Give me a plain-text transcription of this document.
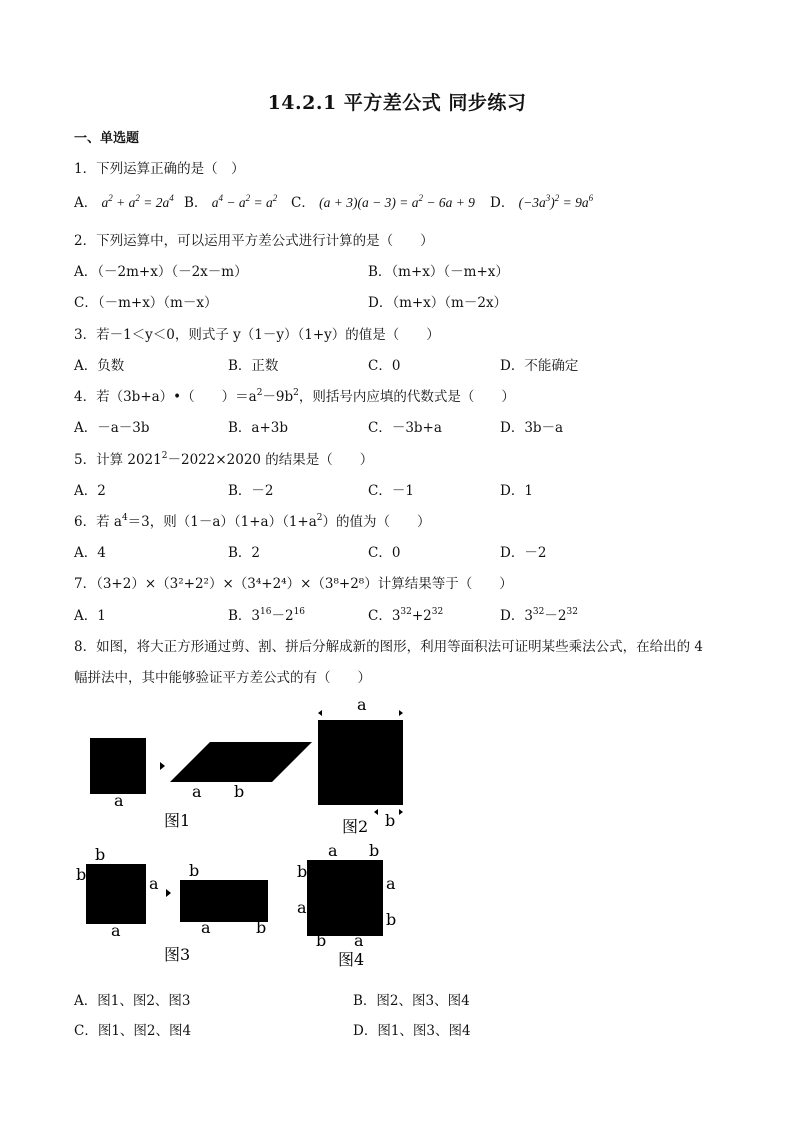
14.2.1 平方差公式 同步练习
一、单选题
1．下列运算正确的是（　）
A． $a^2 + a^2 = 2a^4$ B． $a^4 - a^2 = a^2$ C． $(a + 3)(a - 3) = a^2 - 6a + 9$ D． $(-3a^3)^2 = 9a^6$
2．下列运算中，可以运用平方差公式进行计算的是（　　）
A．（－2m+x）（－2x－m）	B．（m+x）（－m+x）
C．（－m+x）（m－x）	D．（m+x）（m－2x）
3．若－1＜y＜0，则式子 y（1－y）（1+y）的值是（　　）
A．负数	B．正数	C．0	D．不能确定
4．若（3b+a）•（　　）$=a^2-9b^2$，则括号内应填的代数式是（　　）
A．－a－3b	B．a+3b	C．－3b+a	D．3b－a
5．计算 $2021^2-2022\times 2020$ 的结果是（　　）
A．2	B．－2	C．－1	D．1
6．若 $a^4=3$，则$(1-a)(1+a)(1+a^2)$的值为（　　）
A．4	B．2	C．0	D．－2
7．（3+2）×（3²+2²）×（3⁴+2⁴）×（3⁸+2⁸）计算结果等于（　　）
A．1	B．$3^{16}-2^{16}$	C．$3^{32}+2^{32}$	D．$3^{32}-2^{32}$
8．如图，将大正方形通过剪、割、拼后分解成新的图形，利用等面积法可证明某些乘法公式，在给出的 4
幅拼法中，其中能够验证平方差公式的有（　　）
b
a	a b
图1
a
b
图2
b
b	a
a
b
a	b
图3
a b
b
a
a
b
b a
图4
A．图1、图2、图3	B．图2、图3、图4
C．图1、图2、图4	D．图1、图3、图4
